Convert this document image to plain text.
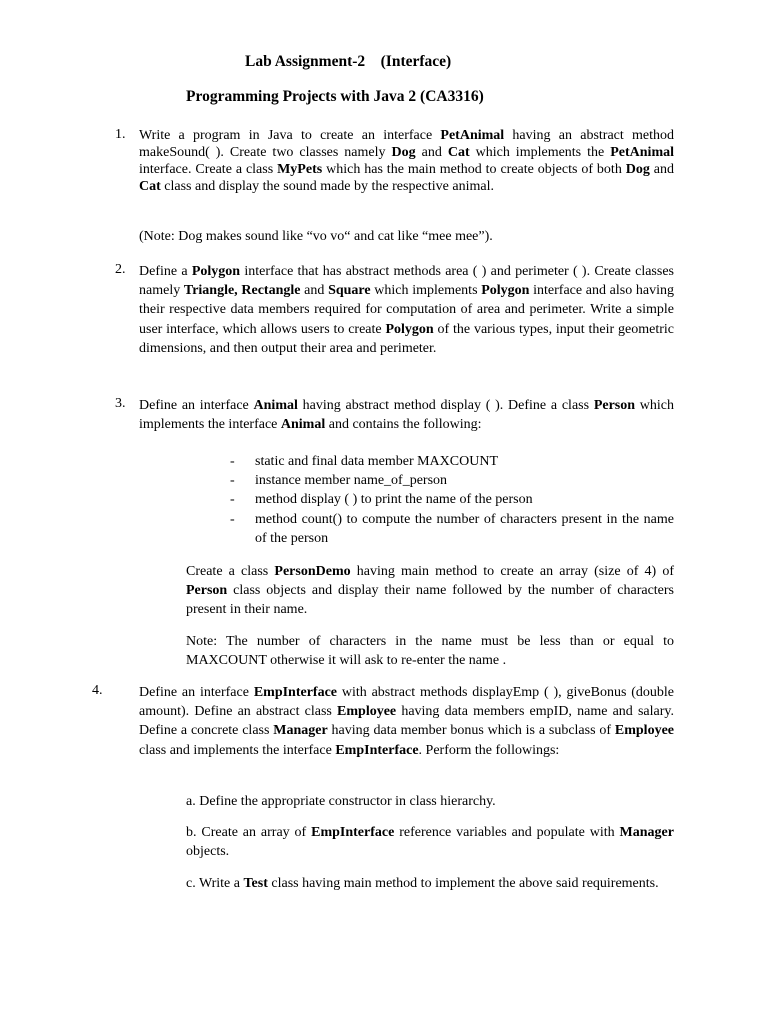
Lab Assignment-2    (Interface)
Programming Projects with Java 2 (CA3316)
1. Write a program in Java to create an interface PetAnimal having an abstract method makeSound( ). Create two classes namely Dog and Cat which implements the PetAnimal interface. Create a class MyPets which has the main method to create objects of both Dog and Cat class and display the sound made by the respective animal.

(Note: Dog makes sound like “vo vo“ and cat like “mee mee”).
2. Define a Polygon interface that has abstract methods area ( ) and perimeter ( ). Create classes namely Triangle, Rectangle and Square which implements Polygon interface and also having their respective data members required for computation of area and perimeter. Write a simple user interface, which allows users to create Polygon of the various types, input their geometric dimensions, and then output their area and perimeter.

3. Define an interface Animal having abstract method display ( ). Define a class Person which implements the interface Animal and contains the following:

- static and final data member MAXCOUNT
- instance member name_of_person
- method display ( ) to print the name of the person
- method count() to compute the number of characters present in the name of the person

Create a class PersonDemo having main method to create an array (size of 4) of Person class objects and display their name followed by the number of characters present in their name.

Note: The number of characters in the name must be less than or equal to MAXCOUNT otherwise it will ask to re-enter the name .
4.	Define an interface EmpInterface with abstract methods displayEmp ( ), giveBonus (double amount). Define an abstract class Employee having data members empID, name and salary. Define a concrete class Manager having data member bonus which is a subclass of Employee class and implements the interface EmpInterface. Perform the followings:

a. Define the appropriate constructor in class hierarchy.

b. Create an array of EmpInterface reference variables and populate with Manager objects.

c. Write a Test class having main method to implement the above said requirements.
